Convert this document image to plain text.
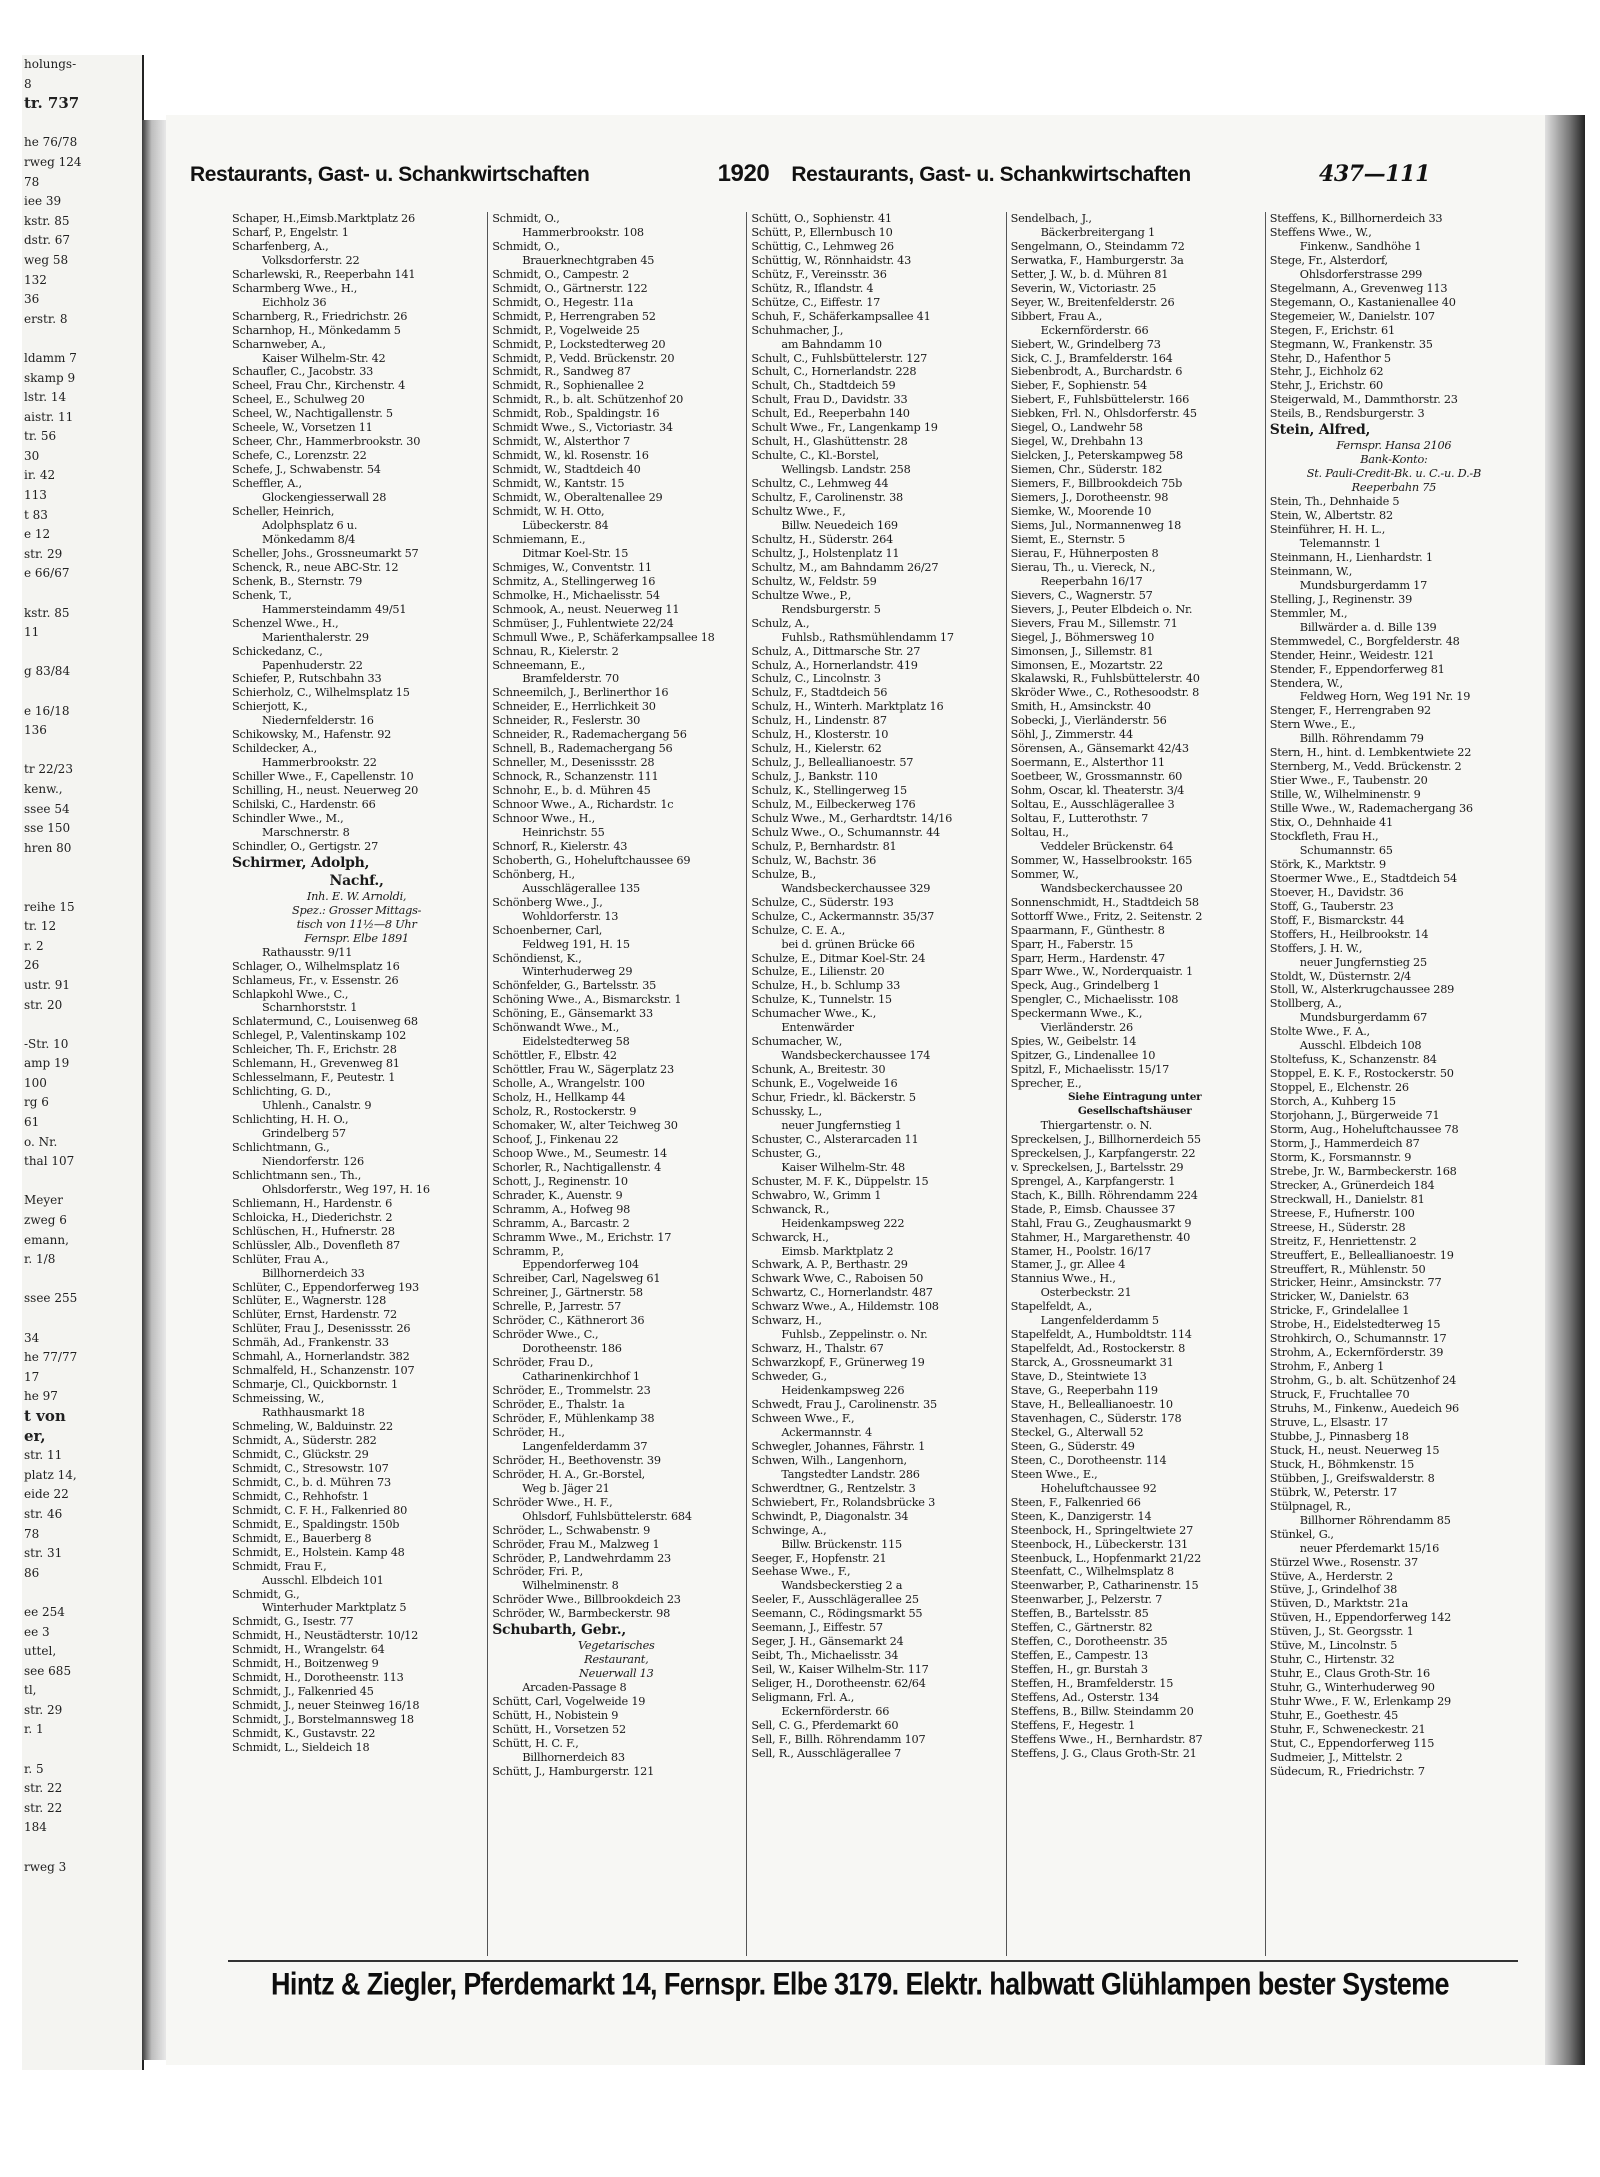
holungs-
8
tr. 737

he 76/78
rweg 124
78
iee 39
kstr. 85
dstr. 67
weg 58
132
36
erstr. 8

ldamm 7
skamp 9
lstr. 14
aistr. 11
tr. 56
30
ir. 42
113
t 83
e 12
str. 29
e 66/67

kstr. 85
11

g 83/84

e 16/18
136

tr 22/23
kenw.,
ssee 54
sse 150
hren 80

reihe 15
tr. 12
r. 2
26
ustr. 91
str. 20

-Str. 10
amp 19
100
rg 6
61
o. Nr.
thal 107

Meyer
zweg 6
emann,
r. 1/8

ssee 255

34
he 77/77
17
he 97
t von
er,
str. 11
platz 14,
eide 22
str. 46
78
str. 31
86

ee 254
ee 3
uttel,
see 685
tl,
str. 29
r. 1

r. 5
str. 22
str. 22
184

rweg 3
Restaurants, Gast- u. Schankwirtschaften	1920 Restaurants, Gast- u. Schankwirtschaften	437—111
Schaper, H.,Eimsb.Marktplatz 26
Scharf, P., Engelstr. 1
Scharfenberg, A.,
Volksdorferstr. 22
Scharlewski, R., Reeperbahn 141
Scharmberg Wwe., H.,
Eichholz 36
Scharnberg, R., Friedrichstr. 26
Scharnhop, H., Mönkedamm 5
Scharnweber, A.,
Kaiser Wilhelm-Str. 42
Schaufler, C., Jacobstr. 33
Scheel, Frau Chr., Kirchenstr. 4
Scheel, E., Schulweg 20
Scheel, W., Nachtigallenstr. 5
Scheele, W., Vorsetzen 11
Scheer, Chr., Hammerbrookstr. 30
Schefe, C., Lorenzstr. 22
Schefe, J., Schwabenstr. 54
Scheffler, A.,
Glockengiesserwall 28
Scheller, Heinrich,
Adolphsplatz 6 u.
Mönkedamm 8/4
Scheller, Johs., Grossneumarkt 57
Schenck, R., neue ABC-Str. 12
Schenk, B., Sternstr. 79
Schenk, T.,
Hammersteindamm 49/51
Schenzel Wwe., H.,
Marienthalerstr. 29
Schickedanz, C.,
Papenhuderstr. 22
Schiefer, P., Rutschbahn 33
Schierholz, C., Wilhelmsplatz 15
Schierjott, K.,
Niedernfelderstr. 16
Schikowsky, M., Hafenstr. 92
Schildecker, A.,
Hammerbrookstr. 22
Schiller Wwe., F., Capellenstr. 10
Schilling, H., neust. Neuerweg 20
Schilski, C., Hardenstr. 66
Schindler Wwe., M.,
Marschnerstr. 8
Schindler, O., Gertigstr. 27
Schirmer, Adolph,
Nachf.,
Inh. E. W. Arnoldi,
Spez.: Grosser Mittags-
tisch von 11½—8 Uhr
Fernspr. Elbe 1891
Rathausstr. 9/11
Schlager, O., Wilhelmsplatz 16
Schlameus, Fr., v. Essenstr. 26
Schlapkohl Wwe., C.,
Scharnhorststr. 1
Schlatermund, C., Louisenweg 68
Schlegel, P., Valentinskamp 102
Schleicher, Th. F., Erichstr. 28
Schlemann, H., Grevenweg 81
Schlesselmann, F., Peutestr. 1
Schlichting, G. D.,
Uhlenh., Canalstr. 9
Schlichting, H. H. O.,
Grindelberg 57
Schlichtmann, G.,
Niendorferstr. 126
Schlichtmann sen., Th.,
Ohlsdorferstr., Weg 197, H. 16
Schliemann, H., Hardenstr. 6
Schloicka, H., Diederichstr. 2
Schlüschen, H., Hufnerstr. 28
Schlüssler, Alb., Dovenfleth 87
Schlüter, Frau A.,
Billhornerdeich 33
Schlüter, C., Eppendorferweg 193
Schlüter, E., Wagnerstr. 128
Schlüter, Ernst, Hardenstr. 72
Schlüter, Frau J., Desenissstr. 26
Schmäh, Ad., Frankenstr. 33
Schmahl, A., Hornerlandstr. 382
Schmalfeld, H., Schanzenstr. 107
Schmarje, Cl., Quickbornstr. 1
Schmeissing, W.,
Rathhausmarkt 18
Schmeling, W., Balduinstr. 22
Schmidt, A., Süderstr. 282
Schmidt, C., Glückstr. 29
Schmidt, C., Stresowstr. 107
Schmidt, C., b. d. Mühren 73
Schmidt, C., Rehhofstr. 1
Schmidt, C. F. H., Falkenried 80
Schmidt, E., Spaldingstr. 150b
Schmidt, E., Bauerberg 8
Schmidt, E., Holstein. Kamp 48
Schmidt, Frau F.,
Ausschl. Elbdeich 101
Schmidt, G.,
Winterhuder Marktplatz 5
Schmidt, G., Isestr. 77
Schmidt, H., Neustädterstr. 10/12
Schmidt, H., Wrangelstr. 64
Schmidt, H., Boitzenweg 9
Schmidt, H., Dorotheenstr. 113
Schmidt, J., Falkenried 45
Schmidt, J., neuer Steinweg 16/18
Schmidt, J., Borstelmannsweg 18
Schmidt, K., Gustavstr. 22
Schmidt, L., Sieldeich 18
Schmidt, O.,
Hammerbrookstr. 108
Schmidt, O.,
Brauerknechtgraben 45
Schmidt, O., Campestr. 2
Schmidt, O., Gärtnerstr. 122
Schmidt, O., Hegestr. 11a
Schmidt, P., Herrengraben 52
Schmidt, P., Vogelweide 25
Schmidt, P., Lockstedterweg 20
Schmidt, P., Vedd. Brückenstr. 20
Schmidt, R., Sandweg 87
Schmidt, R., Sophienallee 2
Schmidt, R., b. alt. Schützenhof 20
Schmidt, Rob., Spaldingstr. 16
Schmidt Wwe., S., Victoriastr. 34
Schmidt, W., Alsterthor 7
Schmidt, W., kl. Rosenstr. 16
Schmidt, W., Stadtdeich 40
Schmidt, W., Kantstr. 15
Schmidt, W., Oberaltenallee 29
Schmidt, W. H. Otto,
Lübeckerstr. 84
Schmiemann, E.,
Ditmar Koel-Str. 15
Schmiges, W., Conventstr. 11
Schmitz, A., Stellingerweg 16
Schmolke, H., Michaelisstr. 54
Schmook, A., neust. Neuerweg 11
Schmüser, J., Fuhlentwiete 22/24
Schmull Wwe., P., Schäferkampsallee 18
Schnau, R., Kielerstr. 2
Schneemann, E.,
Bramfelderstr. 70
Schneemilch, J., Berlinerthor 16
Schneider, E., Herrlichkeit 30
Schneider, R., Feslerstr. 30
Schneider, R., Rademachergang 56
Schnell, B., Rademachergang 56
Schneller, M., Desenissstr. 28
Schnock, R., Schanzenstr. 111
Schnohr, E., b. d. Mühren 45
Schnoor Wwe., A., Richardstr. 1c
Schnoor Wwe., H.,
Heinrichstr. 55
Schnorf, R., Kielerstr. 43
Schoberth, G., Hoheluftchaussee 69
Schönberg, H.,
Ausschlägerallee 135
Schönberg Wwe., J.,
Wohldorferstr. 13
Schoenberner, Carl,
Feldweg 191, H. 15
Schöndienst, K.,
Winterhuderweg 29
Schönfelder, G., Bartelsstr. 35
Schöning Wwe., A., Bismarckstr. 1
Schöning, E., Gänsemarkt 33
Schönwandt Wwe., M.,
Eidelstedterweg 58
Schöttler, F., Elbstr. 42
Schöttler, Frau W., Sägerplatz 23
Scholle, A., Wrangelstr. 100
Scholz, H., Hellkamp 44
Scholz, R., Rostockerstr. 9
Schomaker, W., alter Teichweg 30
Schoof, J., Finkenau 22
Schoop Wwe., M., Seumestr. 14
Schorler, R., Nachtigallenstr. 4
Schott, J., Reginenstr. 10
Schrader, K., Auenstr. 9
Schramm, A., Hofweg 98
Schramm, A., Barcastr. 2
Schramm Wwe., M., Erichstr. 17
Schramm, P.,
Eppendorferweg 104
Schreiber, Carl, Nagelsweg 61
Schreiner, J., Gärtnerstr. 58
Schrelle, P., Jarrestr. 57
Schröder, C., Käthnerort 36
Schröder Wwe., C.,
Dorotheenstr. 186
Schröder, Frau D.,
Catharinenkirchhof 1
Schröder, E., Trommelstr. 23
Schröder, E., Thalstr. 1a
Schröder, F., Mühlenkamp 38
Schröder, H.,
Langenfelderdamm 37
Schröder, H., Beethovenstr. 39
Schröder, H. A., Gr.-Borstel,
Weg b. Jäger 21
Schröder Wwe., H. F.,
Ohlsdorf, Fuhlsbüttelerstr. 684
Schröder, L., Schwabenstr. 9
Schröder, Frau M., Malzweg 1
Schröder, P., Landwehrdamm 23
Schröder, Fri. P.,
Wilhelminenstr. 8
Schröder Wwe., Billbrookdeich 23
Schröder, W., Barmbeckerstr. 98
Schubarth, Gebr.,
Vegetarisches
Restaurant,
Neuerwall 13
Arcaden-Passage 8
Schütt, Carl, Vogelweide 19
Schütt, H., Nobistein 9
Schütt, H., Vorsetzen 52
Schütt, H. C. F.,
Billhornerdeich 83
Schütt, J., Hamburgerstr. 121
Schütt, O., Sophienstr. 41
Schütt, P., Ellernbusch 10
Schüttig, C., Lehmweg 26
Schüttig, W., Rönnhaidstr. 43
Schütz, F., Vereinsstr. 36
Schütz, R., Iflandstr. 4
Schütze, C., Eiffestr. 17
Schuh, F., Schäferkampsallee 41
Schuhmacher, J.,
am Bahndamm 10
Schult, C., Fuhlsbüttelerstr. 127
Schult, C., Hornerlandstr. 228
Schult, Ch., Stadtdeich 59
Schult, Frau D., Davidstr. 33
Schult, Ed., Reeperbahn 140
Schult Wwe., Fr., Langenkamp 19
Schult, H., Glashüttenstr. 28
Schulte, C., Kl.-Borstel,
Wellingsb. Landstr. 258
Schultz, C., Lehmweg 44
Schultz, F., Carolinenstr. 38
Schultz Wwe., F.,
Billw. Neuedeich 169
Schultz, H., Süderstr. 264
Schultz, J., Holstenplatz 11
Schultz, M., am Bahndamm 26/27
Schultz, W., Feldstr. 59
Schultze Wwe., P.,
Rendsburgerstr. 5
Schulz, A.,
Fuhlsb., Rathsmühlendamm 17
Schulz, A., Dittmarsche Str. 27
Schulz, A., Hornerlandstr. 419
Schulz, C., Lincolnstr. 3
Schulz, F., Stadtdeich 56
Schulz, H., Winterh. Marktplatz 16
Schulz, H., Lindenstr. 87
Schulz, H., Klosterstr. 10
Schulz, H., Kielerstr. 62
Schulz, J., Belleallianoestr. 57
Schulz, J., Bankstr. 110
Schulz, K., Stellingerweg 15
Schulz, M., Eilbeckerweg 176
Schulz Wwe., M., Gerhardtstr. 14/16
Schulz Wwe., O., Schumannstr. 44
Schulz, P., Bernhardstr. 81
Schulz, W., Bachstr. 36
Schulze, B.,
Wandsbeckerchaussee 329
Schulze, C., Süderstr. 193
Schulze, C., Ackermannstr. 35/37
Schulze, C. E. A.,
bei d. grünen Brücke 66
Schulze, E., Ditmar Koel-Str. 24
Schulze, E., Lilienstr. 20
Schulze, H., b. Schlump 33
Schulze, K., Tunnelstr. 15
Schumacher Wwe., K.,
Entenwärder
Schumacher, W.,
Wandsbeckerchaussee 174
Schunk, A., Breitestr. 30
Schunk, E., Vogelweide 16
Schur, Friedr., kl. Bäckerstr. 5
Schussky, L.,
neuer Jungfernstieg 1
Schuster, C., Alsterarcaden 11
Schuster, G.,
Kaiser Wilhelm-Str. 48
Schuster, M. F. K., Düppelstr. 15
Schwabro, W., Grimm 1
Schwanck, R.,
Heidenkampsweg 222
Schwarck, H.,
Eimsb. Marktplatz 2
Schwark, A. P., Berthastr. 29
Schwark Wwe, C., Raboisen 50
Schwartz, C., Hornerlandstr. 487
Schwarz Wwe., A., Hildemstr. 108
Schwarz, H.,
Fuhlsb., Zeppelinstr. o. Nr.
Schwarz, H., Thalstr. 67
Schwarzkopf, F., Grünerweg 19
Schweder, G.,
Heidenkampsweg 226
Schwedt, Frau J., Carolinenstr. 35
Schween Wwe., F.,
Ackermannstr. 4
Schwegler, Johannes, Fährstr. 1
Schwen, Wilh., Langenhorn,
Tangstedter Landstr. 286
Schwerdtner, G., Rentzelstr. 3
Schwiebert, Fr., Rolandsbrücke 3
Schwindt, P., Diagonalstr. 34
Schwinge, A.,
Billw. Brückenstr. 115
Seeger, F., Hopfenstr. 21
Seehase Wwe., F.,
Wandsbeckerstieg 2 a
Seeler, F., Ausschlägerallee 25
Seemann, C., Rödingsmarkt 55
Seemann, J., Eiffestr. 57
Seger, J. H., Gänsemarkt 24
Seibt, Th., Michaelisstr. 34
Seil, W., Kaiser Wilhelm-Str. 117
Seliger, H., Dorotheenstr. 62/64
Seligmann, Frl. A.,
Eckernförderstr. 66
Sell, C. G., Pferdemarkt 60
Sell, F., Billh. Röhrendamm 107
Sell, R., Ausschlägerallee 7
Sendelbach, J.,
Bäckerbreitergang 1
Sengelmann, O., Steindamm 72
Serwatka, F., Hamburgerstr. 3a
Setter, J. W., b. d. Mühren 81
Severin, W., Victoriastr. 25
Seyer, W., Breitenfelderstr. 26
Sibbert, Frau A.,
Eckernförderstr. 66
Siebert, W., Grindelberg 73
Sick, C. J., Bramfelderstr. 164
Siebenbrodt, A., Burchardstr. 6
Sieber, F., Sophienstr. 54
Siebert, F., Fuhlsbüttelerstr. 166
Siebken, Frl. N., Ohlsdorferstr. 45
Siegel, O., Landwehr 58
Siegel, W., Drehbahn 13
Sielcken, J., Peterskampweg 58
Siemen, Chr., Süderstr. 182
Siemers, F., Billbrookdeich 75b
Siemers, J., Dorotheenstr. 98
Siemke, W., Moorende 10
Siems, Jul., Normannenweg 18
Siemt, E., Sternstr. 5
Sierau, F., Hühnerposten 8
Sierau, Th., u. Viereck, N.,
Reeperbahn 16/17
Sievers, C., Wagnerstr. 57
Sievers, J., Peuter Elbdeich o. Nr.
Sievers, Frau M., Sillemstr. 71
Siegel, J., Böhmersweg 10
Simonsen, J., Sillemstr. 81
Simonsen, E., Mozartstr. 22
Skalawski, R., Fuhlsbüttelerstr. 40
Skröder Wwe., C., Rothesoodstr. 8
Smith, H., Amsinckstr. 40
Sobecki, J., Vierländerstr. 56
Söhl, J., Zimmerstr. 44
Sörensen, A., Gänsemarkt 42/43
Soermann, E., Alsterthor 11
Soetbeer, W., Grossmannstr. 60
Sohm, Oscar, kl. Theaterstr. 3/4
Soltau, E., Ausschlägerallee 3
Soltau, F., Lutterothstr. 7
Soltau, H.,
Veddeler Brückenstr. 64
Sommer, W., Hasselbrookstr. 165
Sommer, W.,
Wandsbeckerchaussee 20
Sonnenschmidt, H., Stadtdeich 58
Sottorff Wwe., Fritz, 2. Seitenstr. 2
Spaarmann, F., Günthestr. 8
Sparr, H., Faberstr. 15
Sparr, Herm., Hardenstr. 47
Sparr Wwe., W., Norderquaistr. 1
Speck, Aug., Grindelberg 1
Spengler, C., Michaelisstr. 108
Speckermann Wwe., K.,
Vierländerstr. 26
Spies, W., Geibelstr. 14
Spitzer, G., Lindenallee 10
Spitzl, F., Michaelisstr. 15/17
Sprecher, E.,
Siehe Eintragung unter
Gesellschaftshäuser
Thiergartenstr. o. N.
Spreckelsen, J., Billhornerdeich 55
Spreckelsen, J., Karpfangerstr. 22
v. Spreckelsen, J., Bartelsstr. 29
Sprengel, A., Karpfangerstr. 1
Stach, K., Billh. Röhrendamm 224
Stade, P., Eimsb. Chaussee 37
Stahl, Frau G., Zeughausmarkt 9
Stahmer, H., Margarethenstr. 40
Stamer, H., Poolstr. 16/17
Stamer, J., gr. Allee 4
Stannius Wwe., H.,
Osterbeckstr. 21
Stapelfeldt, A.,
Langenfelderdamm 5
Stapelfeldt, A., Humboldtstr. 114
Stapelfeldt, Ad., Rostockerstr. 8
Starck, A., Grossneumarkt 31
Stave, D., Steintwiete 13
Stave, G., Reeperbahn 119
Stave, H., Belleallianoestr. 10
Stavenhagen, C., Süderstr. 178
Steckel, G., Alterwall 52
Steen, G., Süderstr. 49
Steen, C., Dorotheenstr. 114
Steen Wwe., E.,
Hoheluftchaussee 92
Steen, F., Falkenried 66
Steen, K., Danzigerstr. 14
Steenbock, H., Springeltwiete 27
Steenbock, H., Lübeckerstr. 131
Steenbuck, L., Hopfenmarkt 21/22
Steenfatt, C., Wilhelmsplatz 8
Steenwarber, P., Catharinenstr. 15
Steenwarber, J., Pelzerstr. 7
Steffen, B., Bartelsstr. 85
Steffen, C., Gärtnerstr. 82
Steffen, C., Dorotheenstr. 35
Steffen, E., Campestr. 13
Steffen, H., gr. Burstah 3
Steffen, H., Bramfelderstr. 15
Steffens, Ad., Osterstr. 134
Steffens, B., Billw. Steindamm 20
Steffens, F., Hegestr. 1
Steffens Wwe., H., Bernhardstr. 87
Steffens, J. G., Claus Groth-Str. 21
Steffens, K., Billhornerdeich 33
Steffens Wwe., W.,
Finkenw., Sandhöhe 1
Stege, Fr., Alsterdorf,
Ohlsdorferstrasse 299
Stegelmann, A., Grevenweg 113
Stegemann, O., Kastanienallee 40
Stegemeier, W., Danielstr. 107
Stegen, F., Erichstr. 61
Stegmann, W., Frankenstr. 35
Stehr, D., Hafenthor 5
Stehr, J., Eichholz 62
Stehr, J., Erichstr. 60
Steigerwald, M., Dammthorstr. 23
Steils, B., Rendsburgerstr. 3
Stein, Alfred,
Fernspr. Hansa 2106
Bank-Konto:
St. Pauli-Credit-Bk. u. C.-u. D.-B
Reeperbahn 75
Stein, Th., Dehnhaide 5
Stein, W., Albertstr. 82
Steinführer, H. H. L.,
Telemannstr. 1
Steinmann, H., Lienhardstr. 1
Steinmann, W.,
Mundsburgerdamm 17
Stelling, J., Reginenstr. 39
Stemmler, M.,
Billwärder a. d. Bille 139
Stemmwedel, C., Borgfelderstr. 48
Stender, Heinr., Weidestr. 121
Stender, F., Eppendorferweg 81
Stendera, W.,
Feldweg Horn, Weg 191 Nr. 19
Stenger, F., Herrengraben 92
Stern Wwe., E.,
Billh. Röhrendamm 79
Stern, H., hint. d. Lembkentwiete 22
Sternberg, M., Vedd. Brückenstr. 2
Stier Wwe., F., Taubenstr. 20
Stille, W., Wilhelminenstr. 9
Stille Wwe., W., Rademachergang 36
Stix, O., Dehnhaide 41
Stockfleth, Frau H.,
Schumannstr. 65
Störk, K., Marktstr. 9
Stoermer Wwe., E., Stadtdeich 54
Stoever, H., Davidstr. 36
Stoff, G., Tauberstr. 23
Stoff, F., Bismarckstr. 44
Stoffers, H., Heilbrookstr. 14
Stoffers, J. H. W.,
neuer Jungfernstieg 25
Stoldt, W., Düsternstr. 2/4
Stoll, W., Alsterkrugchaussee 289
Stollberg, A.,
Mundsburgerdamm 67
Stolte Wwe., F. A.,
Ausschl. Elbdeich 108
Stoltefuss, K., Schanzenstr. 84
Stoppel, E. K. F., Rostockerstr. 50
Stoppel, E., Elchenstr. 26
Storch, A., Kuhberg 15
Storjohann, J., Bürgerweide 71
Storm, Aug., Hoheluftchaussee 78
Storm, J., Hammerdeich 87
Storm, K., Forsmannstr. 9
Strebe, Jr. W., Barmbeckerstr. 168
Strecker, A., Grünerdeich 184
Streckwall, H., Danielstr. 81
Streese, F., Hufnerstr. 100
Streese, H., Süderstr. 28
Streitz, F., Henriettenstr. 2
Streuffert, E., Belleallianoestr. 19
Streuffert, R., Mühlenstr. 50
Stricker, Heinr., Amsinckstr. 77
Stricker, W., Danielstr. 63
Stricke, F., Grindelallee 1
Strobe, H., Eidelstedterweg 15
Strohkirch, O., Schumannstr. 17
Strohm, A., Eckernförderstr. 39
Strohm, F., Anberg 1
Strohm, G., b. alt. Schützenhof 24
Struck, F., Fruchtallee 70
Struhs, M., Finkenw., Auedeich 96
Struve, L., Elsastr. 17
Stubbe, J., Pinnasberg 18
Stuck, H., neust. Neuerweg 15
Stuck, H., Böhmkenstr. 15
Stübben, J., Greifswalderstr. 8
Stübrk, W., Peterstr. 17
Stülpnagel, R.,
Billhorner Röhrendamm 85
Stünkel, G.,
neuer Pferdemarkt 15/16
Stürzel Wwe., Rosenstr. 37
Stüve, A., Herderstr. 2
Stüve, J., Grindelhof 38
Stüven, D., Marktstr. 21a
Stüven, H., Eppendorferweg 142
Stüven, J., St. Georgsstr. 1
Stüve, M., Lincolnstr. 5
Stuhr, C., Hirtenstr. 32
Stuhr, E., Claus Groth-Str. 16
Stuhr, G., Winterhuderweg 90
Stuhr Wwe., F. W., Erlenkamp 29
Stuhr, E., Goethestr. 45
Stuhr, F., Schweneckestr. 21
Stut, C., Eppendorferweg 115
Sudmeier, J., Mittelstr. 2
Südecum, R., Friedrichstr. 7
Hintz & Ziegler, Pferdemarkt 14, Fernspr. Elbe 3179. Elektr. halbwatt Glühlampen bester Systeme
